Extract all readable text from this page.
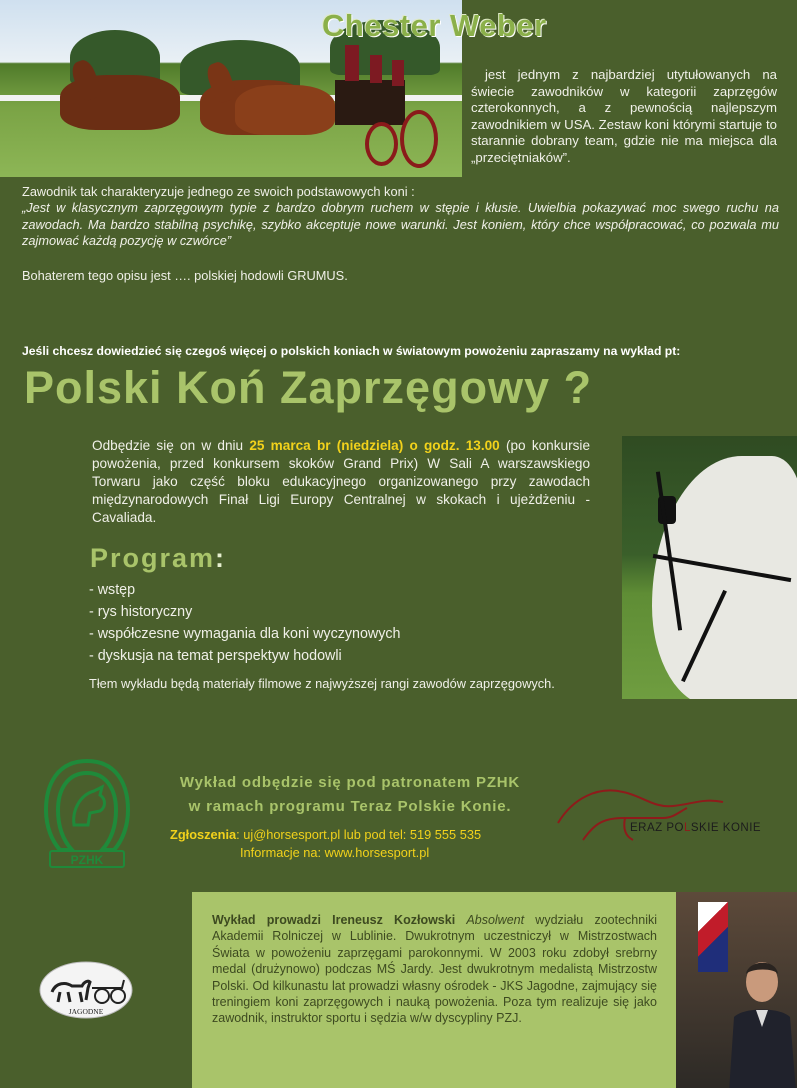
Chester Weber
jest jednym z najbardziej utytułowanych na świecie zawodników w kategorii zaprzęgów czterokonnych, a z pewnością najlepszym zawodnikiem w USA. Zestaw koni którymi startuje to starannie dobrany team, gdzie nie ma miejsca dla „przeciętniaków”.
Zawodnik tak charakteryzuje jednego ze swoich podstawowych koni :
„Jest w klasycznym zaprzęgowym typie z bardzo dobrym ruchem w stępie i kłusie. Uwielbia pokazywać moc swego ruchu na zawodach. Ma bardzo stabilną psychikę, szybko akceptuje nowe warunki. Jest koniem, który chce współpracować, co pozwala mu zajmować każdą pozycję w czwórce”
Bohaterem tego opisu jest …. polskiej hodowli GRUMUS.
Jeśli chcesz dowiedzieć się czegoś więcej o polskich koniach w światowym powożeniu zapraszamy na wykład pt:
Polski Koń Zaprzęgowy ?
Odbędzie się on w dniu 25 marca br (niedziela) o godz. 13.00 (po konkursie powożenia, przed konkursem skoków Grand Prix) W Sali A warszawskiego Torwaru jako część bloku edukacyjnego organizowanego przy zawodach międzynarodowych Finał Ligi Europy Centralnej w skokach i ujeżdżeniu - Cavaliada.
Program:
- wstęp
- rys historyczny
- współczesne wymagania dla koni wyczynowych
- dyskusja na temat perspektyw hodowli
Tłem wykładu będą materiały filmowe z najwyższej rangi zawodów zaprzęgowych.
PZHK
Wykład odbędzie się pod patronatem PZHK
w ramach programu Teraz Polskie Konie.
Zgłoszenia: uj@horsesport.pl lub pod tel: 519 555 535
Informacje na: www.horsesport.pl
ERAZ POLSKIE KONIE
JAGODNE
Wykład prowadzi Ireneusz Kozłowski Absolwent wydziału zootechniki Akademii Rolniczej w Lublinie. Dwukrotnym uczestniczył w Mistrzostwach Świata w powożeniu zaprzęgami parokonnymi. W 2003 roku zdobył srebrny medal (drużynowo) podczas MŚ Jardy. Jest dwukrotnym medalistą Mistrzostw Polski. Od kilkunastu lat prowadzi własny ośrodek - JKS Jagodne, zajmujący się treningiem koni zaprzęgowych i nauką powożenia. Poza tym realizuje się jako zawodnik, instruktor sportu i sędzia w/w dyscypliny PZJ.
